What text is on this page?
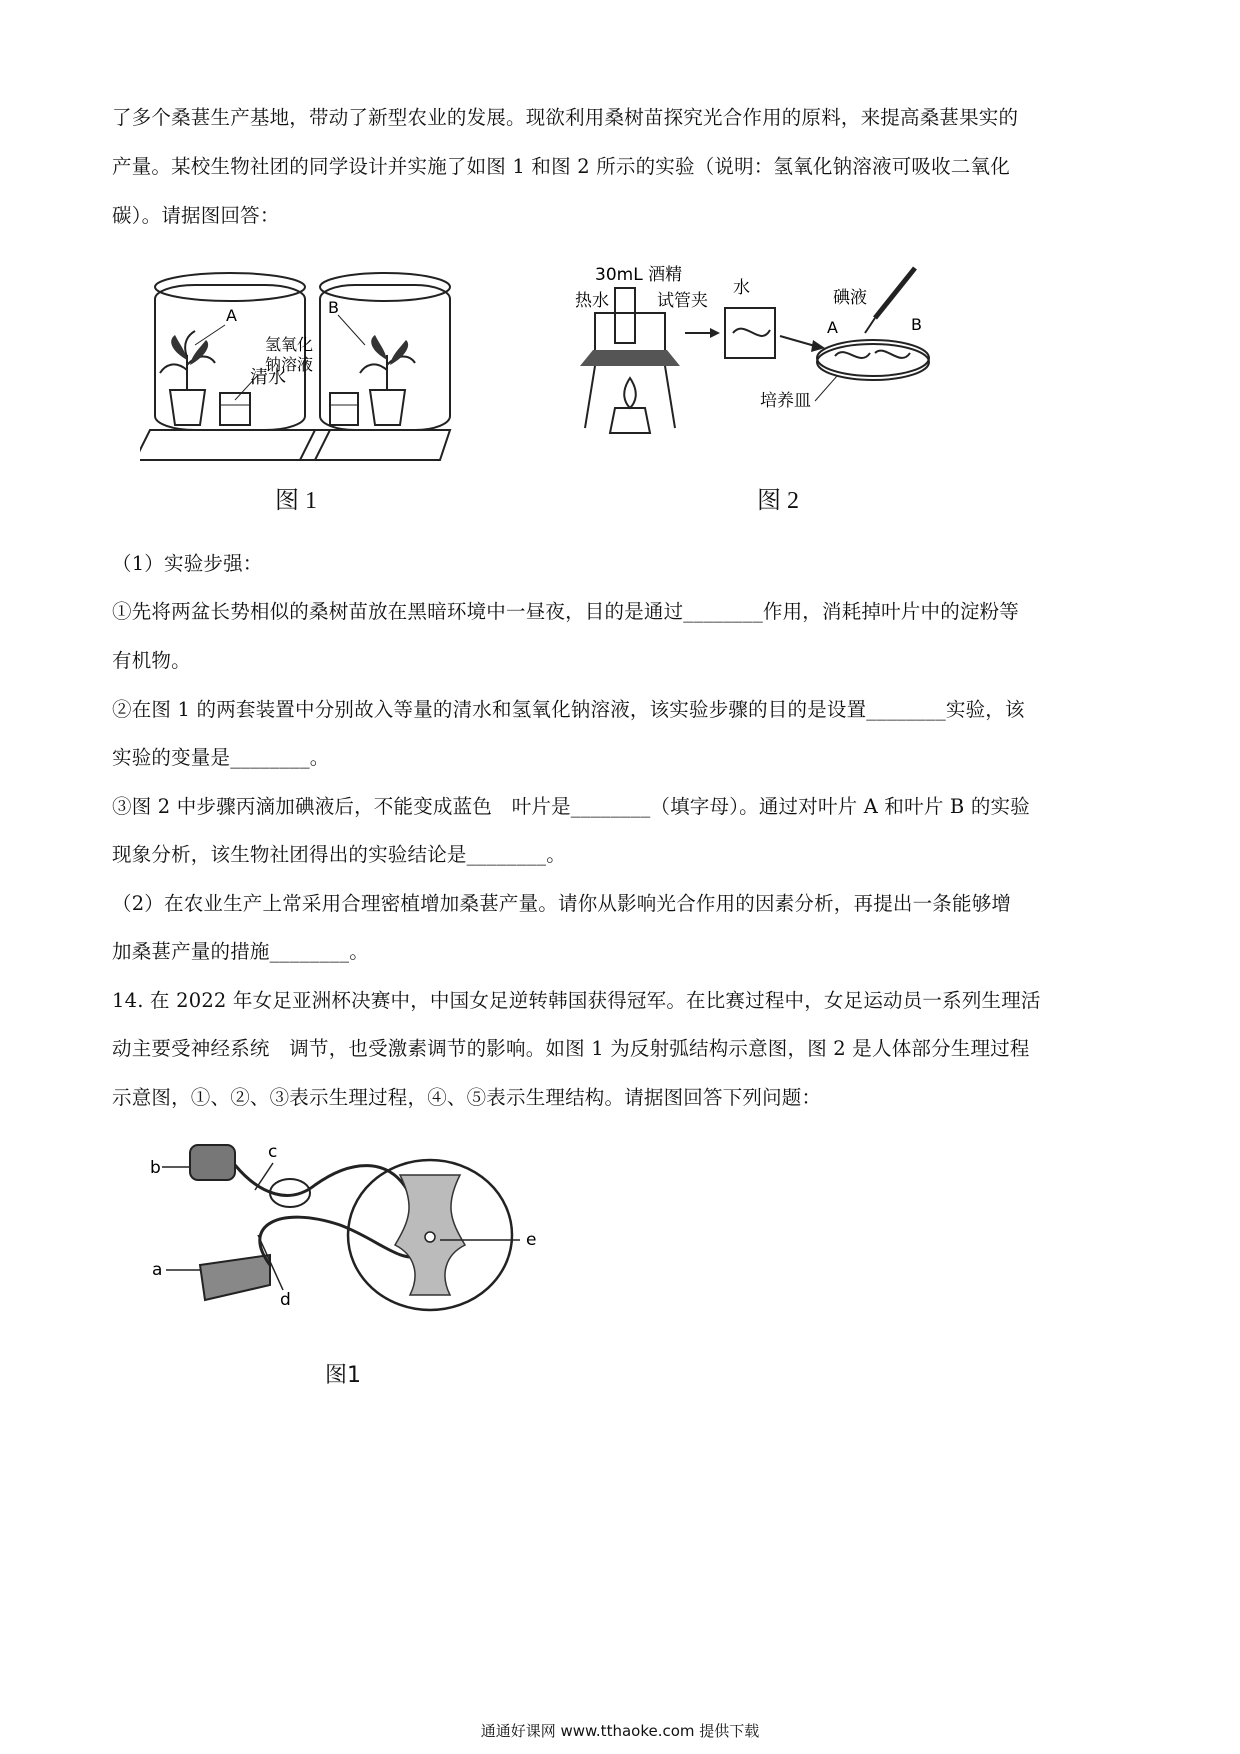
了多个桑葚生产基地，带动了新型农业的发展。现欲利用桑树苗探究光合作用的原料，来提高桑葚果实的
产量。某校生物社团的同学设计并实施了如图 1 和图 2 所示的实验（说明：氢氧化钠溶液可吸收二氧化
碳）。请据图回答：
A
清水
B
氢氧化
钠溶液
图 1
30mL 酒精
热水	试管夹
水	碘液
A	B
培养皿
图 2
（1）实验步强：
①先将两盆长势相似的桑树苗放在黑暗环境中一昼夜，目的是通过________作用，消耗掉叶片中的淀粉等
有机物。
②在图 1 的两套装置中分别故入等量的清水和氢氧化钠溶液，该实验步骤的目的是设置________实验，该
实验的变量是________。
③图 2 中步骤丙滴加碘液后，不能变成蓝色　叶片是________（填字母）。通过对叶片 A 和叶片 B 的实验
现象分析，该生物社团得出的实验结论是________。
（2）在农业生产上常采用合理密植增加桑葚产量。请你从影响光合作用的因素分析，再提出一条能够增
加桑葚产量的措施________。
14. 在 2022 年女足亚洲杯决赛中，中国女足逆转韩国获得冠军。在比赛过程中，女足运动员一系列生理活
动主要受神经系统　调节，也受激素调节的影响。如图 1 为反射弧结构示意图，图 2 是人体部分生理过程
示意图，①、②、③表示生理过程，④、⑤表示生理结构。请据图回答下列问题：
b
a
c
d
e
图1
通通好课网 www.tthaoke.com 提供下载
